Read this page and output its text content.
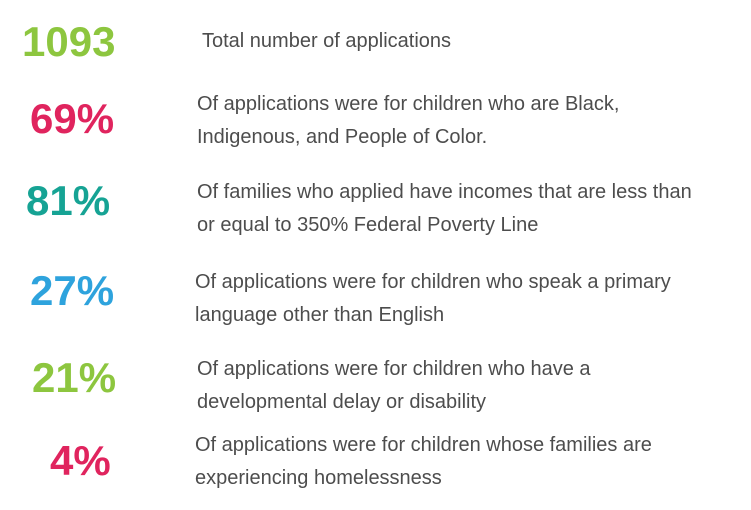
1093	Total number of applications
69%	Of applications were for children who are Black, Indigenous, and People of Color.
81%	Of families who applied have incomes that are less than or equal to 350% Federal Poverty Line
27%	Of applications were for children who speak a primary language other than English
21%	Of applications were for children who have a developmental delay or disability
4%	Of applications were for children whose families are experiencing homelessness
